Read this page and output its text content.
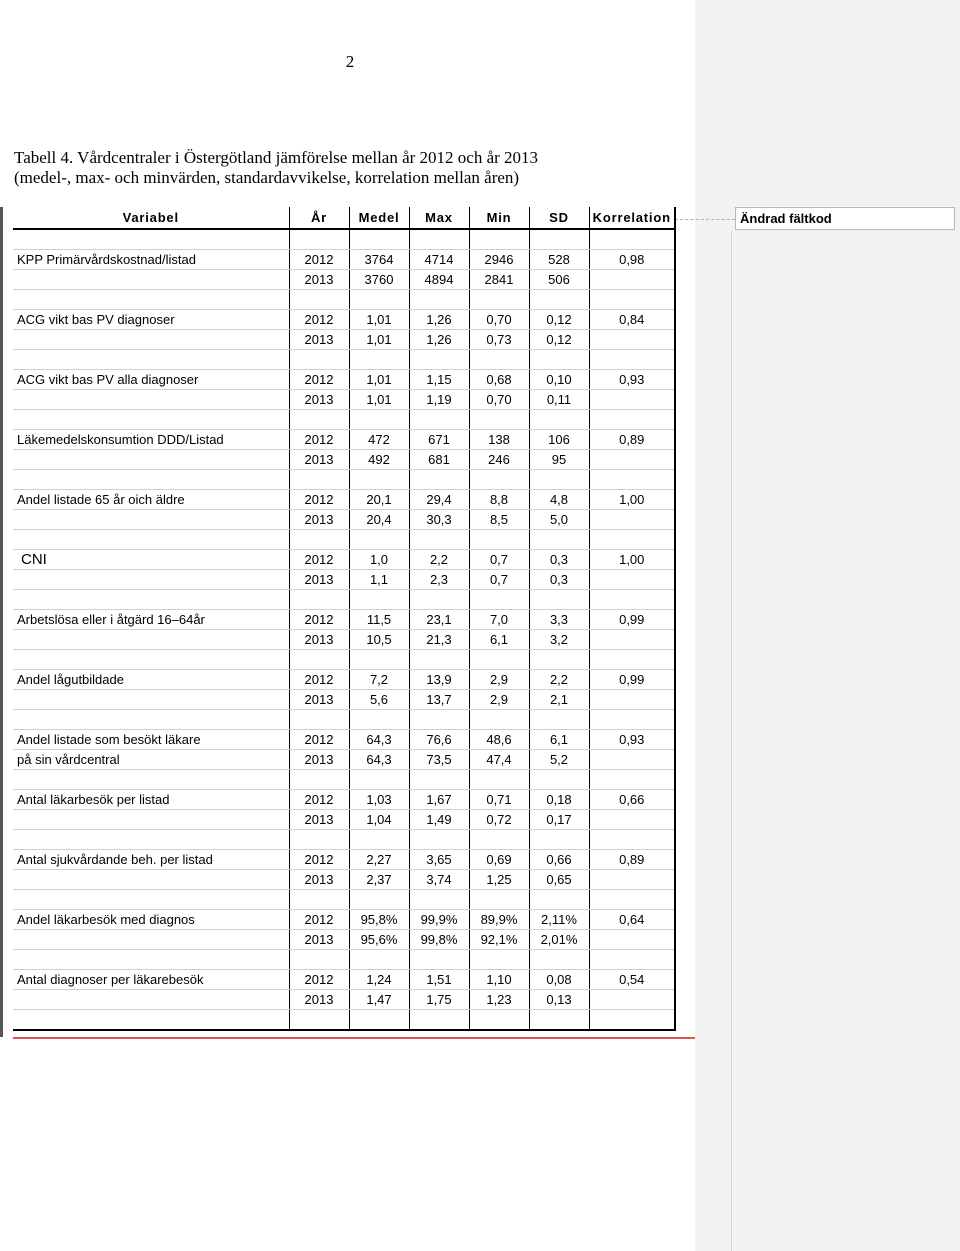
Ändrad fältkod
2
Tabell 4. Vårdcentraler i Östergötland jämförelse mellan år 2012 och år 2013
(medel-, max- och minvärden, standardavvikelse, korrelation mellan åren)
Variabel	År	Medel	Max	Min	SD	Korrelation

KPP Primärvårdskostnad/listad	2012	3764	4714	2946	528	0,98
	2013	3760	4894	2841	506	

ACG vikt bas PV diagnoser	2012	1,01	1,26	0,70	0,12	0,84
	2013	1,01	1,26	0,73	0,12	

ACG vikt bas PV alla diagnoser	2012	1,01	1,15	0,68	0,10	0,93
	2013	1,01	1,19	0,70	0,11	

Läkemedelskonsumtion DDD/Listad	2012	472	671	138	106	0,89
	2013	492	681	246	95	

Andel listade 65 år oich äldre	2012	20,1	29,4	8,8	4,8	1,00
	2013	20,4	30,3	8,5	5,0	

CNI	2012	1,0	2,2	0,7	0,3	1,00
	2013	1,1	2,3	0,7	0,3	

Arbetslösa eller i åtgärd 16–64år	2012	11,5	23,1	7,0	3,3	0,99
	2013	10,5	21,3	6,1	3,2	

Andel lågutbildade	2012	7,2	13,9	2,9	2,2	0,99
	2013	5,6	13,7	2,9	2,1	

Andel listade som besökt läkare	2012	64,3	76,6	48,6	6,1	0,93
på sin vårdcentral	2013	64,3	73,5	47,4	5,2	

Antal läkarbesök per listad	2012	1,03	1,67	0,71	0,18	0,66
	2013	1,04	1,49	0,72	0,17	

Antal sjukvårdande beh. per listad	2012	2,27	3,65	0,69	0,66	0,89
	2013	2,37	3,74	1,25	0,65	

Andel läkarbesök med diagnos	2012	95,8%	99,9%	89,9%	2,11%	0,64
	2013	95,6%	99,8%	92,1%	2,01%	

Antal diagnoser per läkarebesök	2012	1,24	1,51	1,10	0,08	0,54
	2013	1,47	1,75	1,23	0,13	
